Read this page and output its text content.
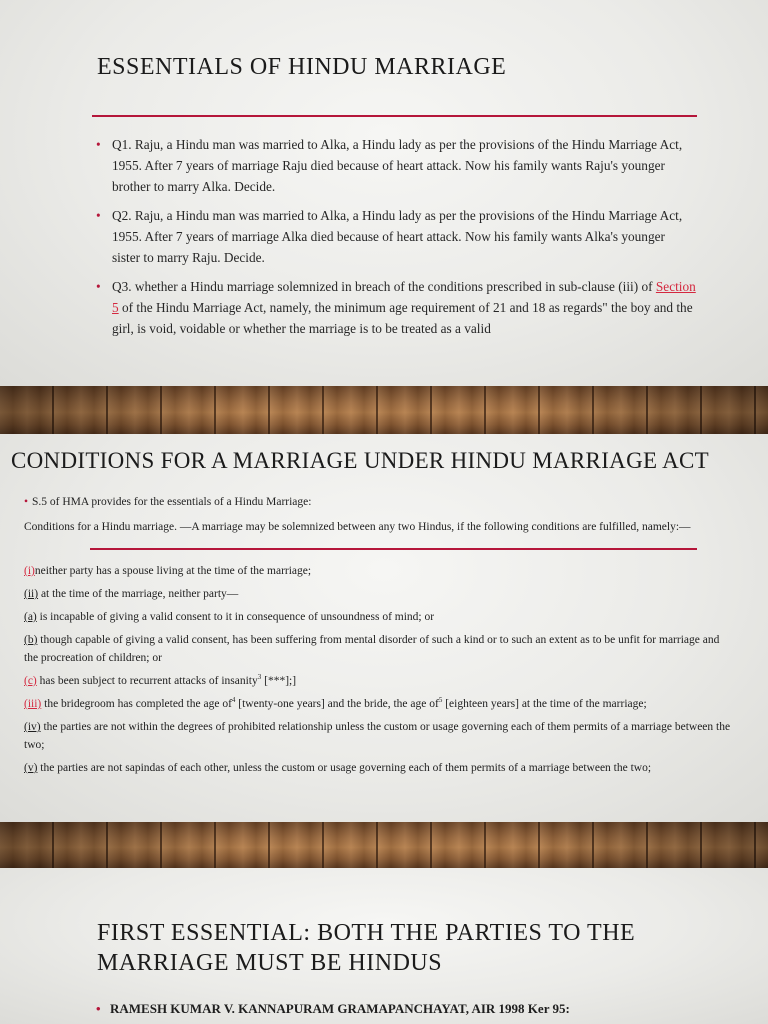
ESSENTIALS OF HINDU MARRIAGE
• Q1. Raju, a Hindu man was married to Alka, a Hindu lady as per the provisions of the Hindu Marriage Act, 1955. After 7 years of marriage Raju died because of heart attack. Now his family wants Raju's younger brother to marry Alka. Decide.
• Q2. Raju, a Hindu man was married to Alka, a Hindu lady as per the provisions of the Hindu Marriage Act, 1955. After 7 years of marriage Alka died because of heart attack. Now his family wants Alka's younger sister to marry Raju. Decide.
• Q3. whether a Hindu marriage solemnized in breach of the conditions prescribed in sub-clause (iii) of Section 5 of the Hindu Marriage Act, namely, the minimum age requirement of 21 and 18 as regards" the boy and the girl, is void, voidable or whether the marriage is to be treated as a valid
CONDITIONS FOR A MARRIAGE UNDER HINDU MARRIAGE ACT
• S.5 of HMA provides for the essentials of a Hindu Marriage:

Conditions for a Hindu marriage. —A marriage may be solemnized between any two Hindus, if the following conditions are fulfilled, namely:—

(i)neither party has a spouse living at the time of the marriage;

(ii) at the time of the marriage, neither party—

(a) is incapable of giving a valid consent to it in consequence of unsoundness of mind; or

(b) though capable of giving a valid consent, has been suffering from mental disorder of such a kind or to such an extent as to be unfit for marriage and the procreation of children; or

(c) has been subject to recurrent attacks of insanity$^3$ [***];]

(iii) the bridegroom has completed the age $of^4$ [twenty-one years] and the bride, the age $of^5$ [eighteen years] at the time of the marriage;

(iv) the parties are not within the degrees of prohibited relationship unless the custom or usage governing each of them permits of a marriage between the two;

(v) the parties are not sapindas of each other, unless the custom or usage governing each of them permits of a marriage between the two;

FIRST ESSENTIAL: BOTH THE PARTIES TO THE MARRIAGE MUST BE HINDUS
• RAMESH KUMAR V. KANNAPURAM GRAMAPANCHAYAT, AIR 1998 Ker 95:
